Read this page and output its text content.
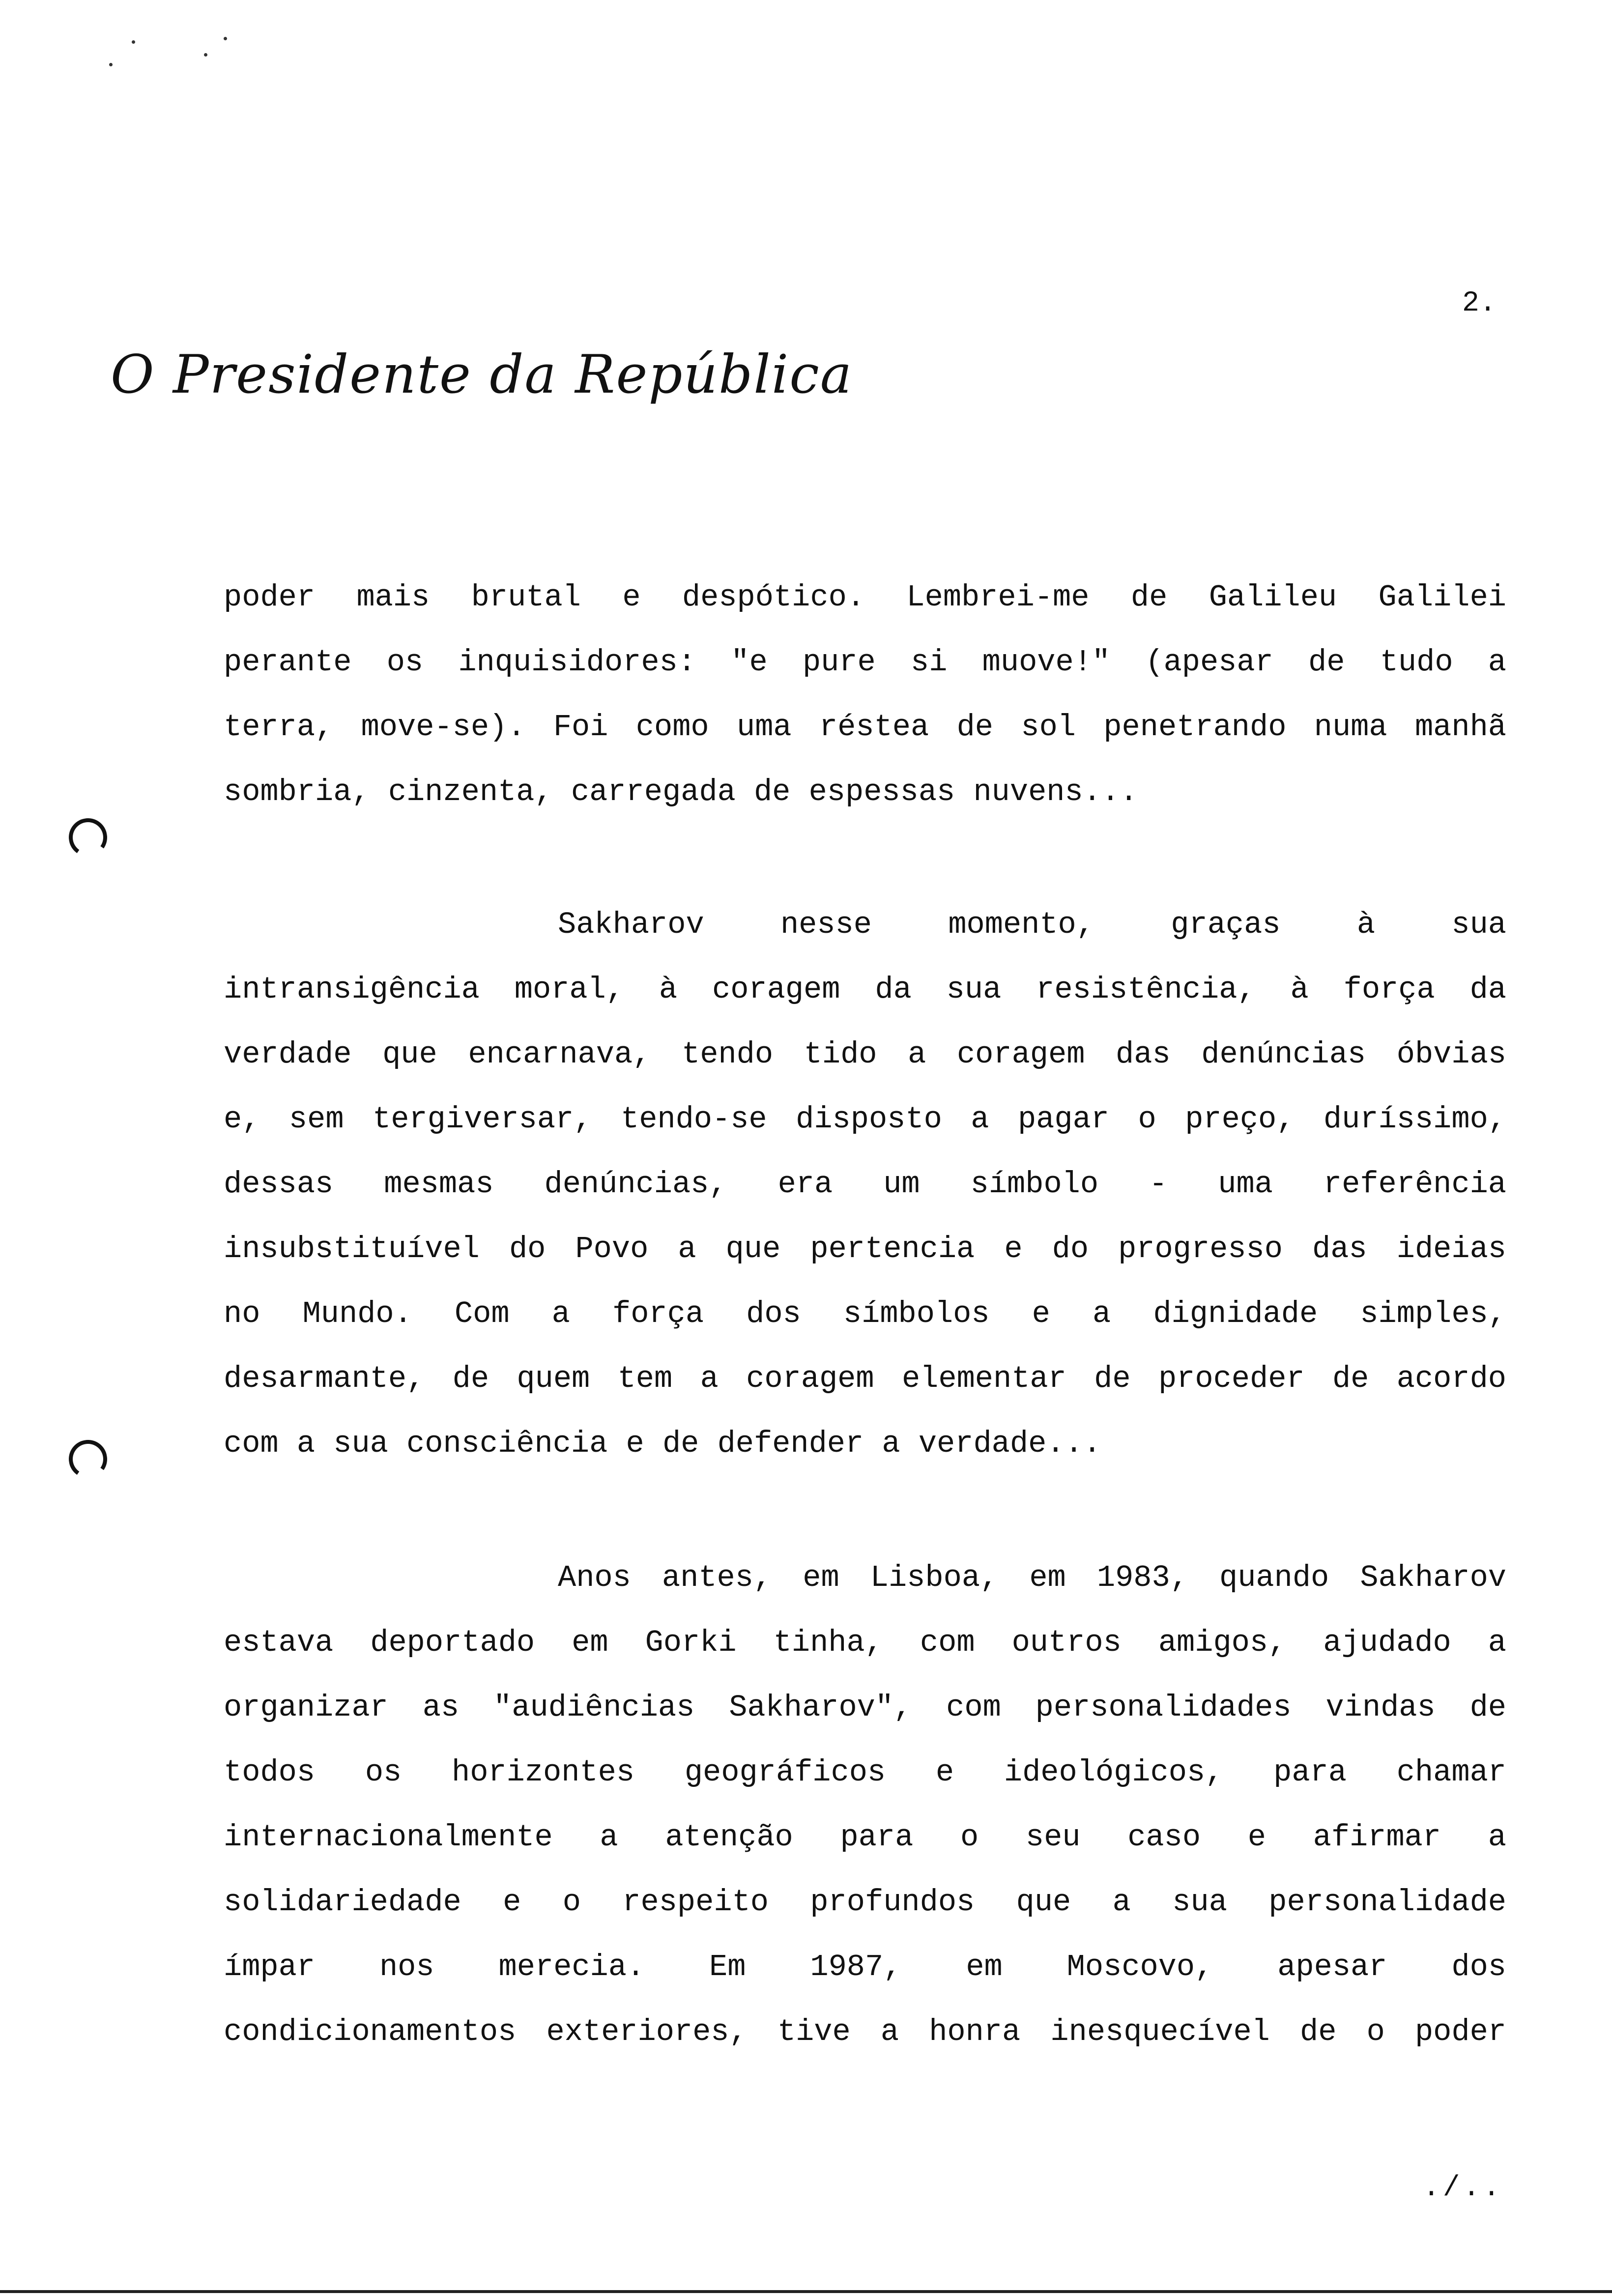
2.
O Presidente da República
poder mais brutal e despótico. Lembrei-me de Galileu Galilei
perante os inquisidores: "e pure si muove!" (apesar de tudo a
terra, move-se). Foi como uma réstea de sol penetrando numa manhã
sombria, cinzenta, carregada de espessas nuvens...
Sakharov nesse momento, graças à sua
intransigência moral, à coragem da sua resistência, à força da
verdade que encarnava, tendo tido a coragem das denúncias óbvias
e, sem tergiversar, tendo-se disposto a pagar o preço, duríssimo,
dessas mesmas denúncias, era um símbolo - uma referência
insubstituível do Povo a que pertencia e do progresso das ideias
no Mundo. Com a força dos símbolos e a dignidade simples,
desarmante, de quem tem a coragem elementar de proceder de acordo
com a sua consciência e de defender a verdade...
Anos antes, em Lisboa, em 1983, quando Sakharov
estava deportado em Gorki tinha, com outros amigos, ajudado a
organizar as "audiências Sakharov", com personalidades vindas de
todos os horizontes geográficos e ideológicos, para chamar
internacionalmente a atenção para o seu caso e afirmar a
solidariedade e o respeito profundos que a sua personalidade
ímpar nos merecia. Em 1987, em Moscovo, apesar dos
condicionamentos exteriores, tive a honra inesquecível de o poder
./..
